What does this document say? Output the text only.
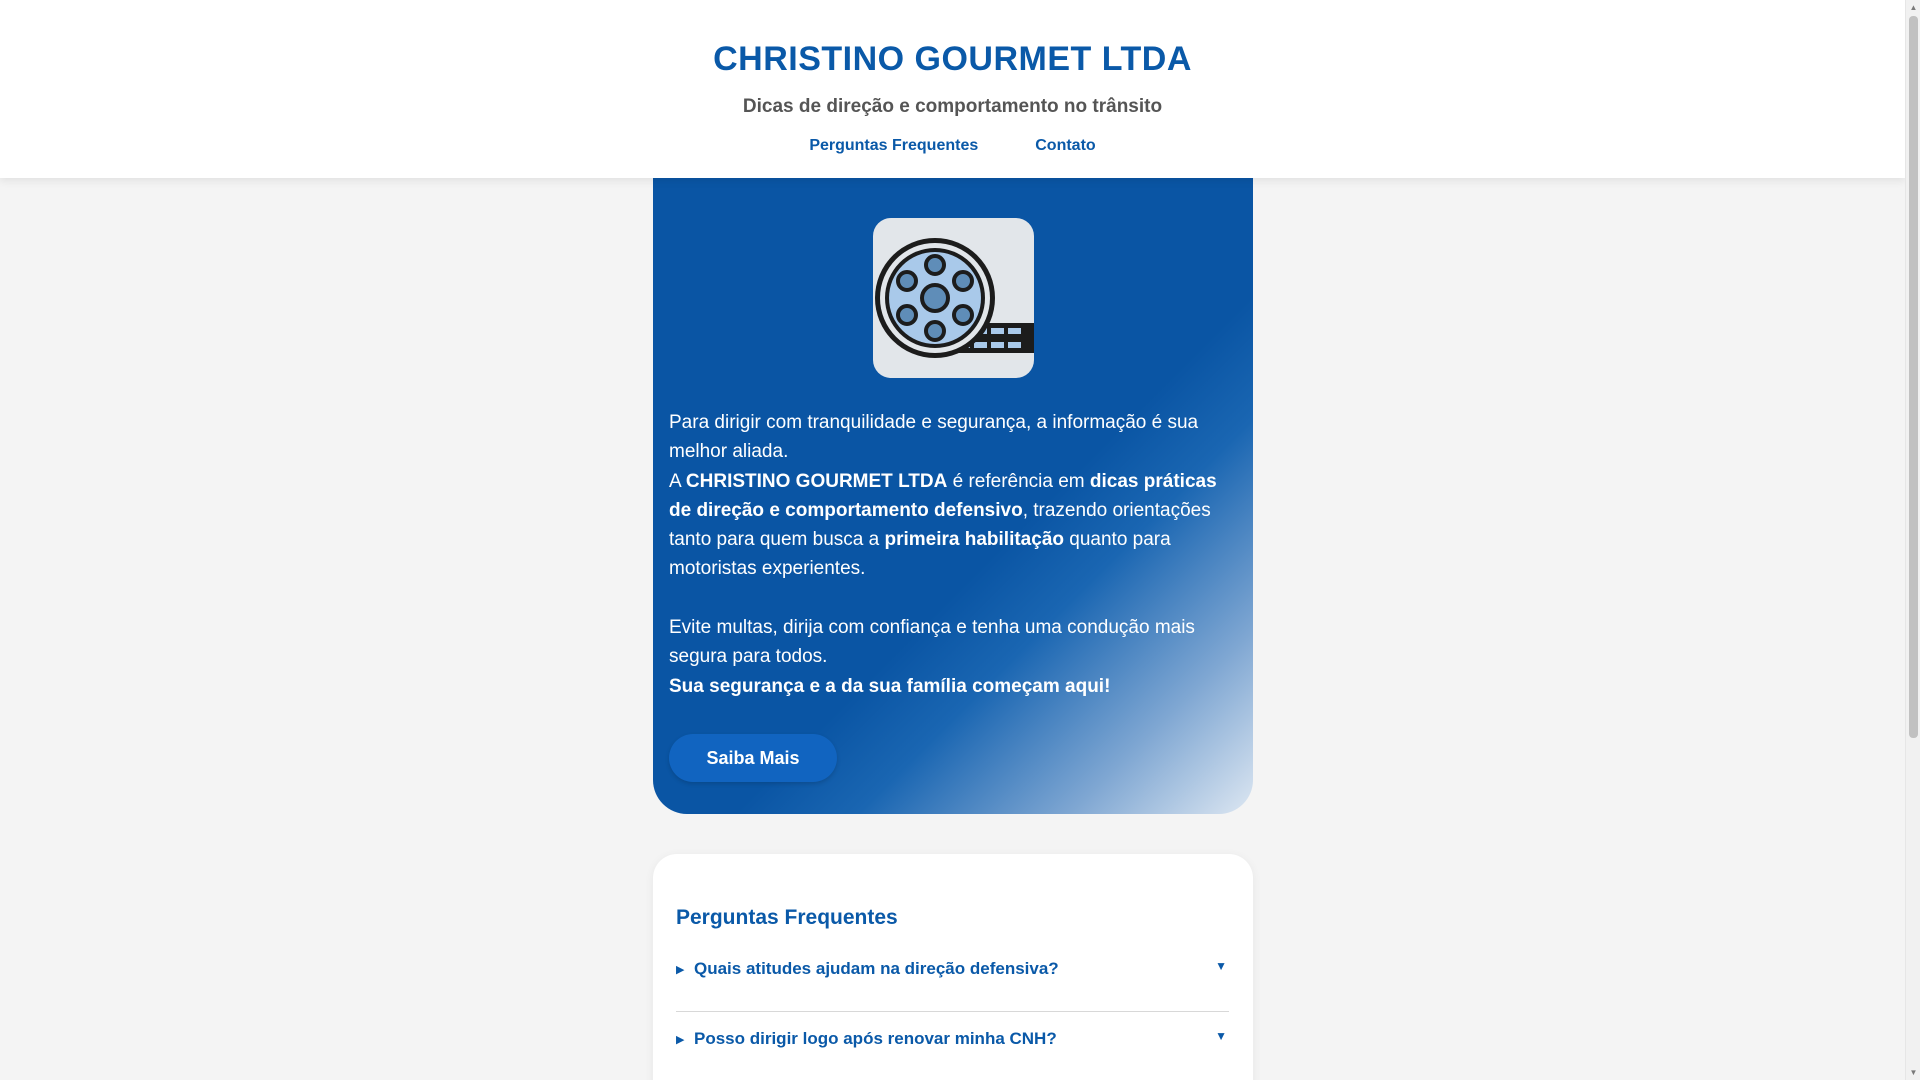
CHRISTINO GOURMET LTDA
Dicas de direção e comportamento no trânsito
Perguntas Frequentes	Contato

Para dirigir com tranquilidade e segurança, a informação é sua melhor aliada.

A CHRISTINO GOURMET LTDA é referência em dicas práticas de direção e comportamento defensivo, trazendo orientações tanto para quem busca a primeira habilitação quanto para motoristas experientes.

Evite multas, dirija com confiança e tenha uma condução mais segura para todos.

Sua segurança e a da sua família começam aqui!

Saiba Mais
Perguntas Frequentes
▶ Quais atitudes ajudam na direção defensiva?	▼
▶ Posso dirigir logo após renovar minha CNH?	▼
▲
▼
